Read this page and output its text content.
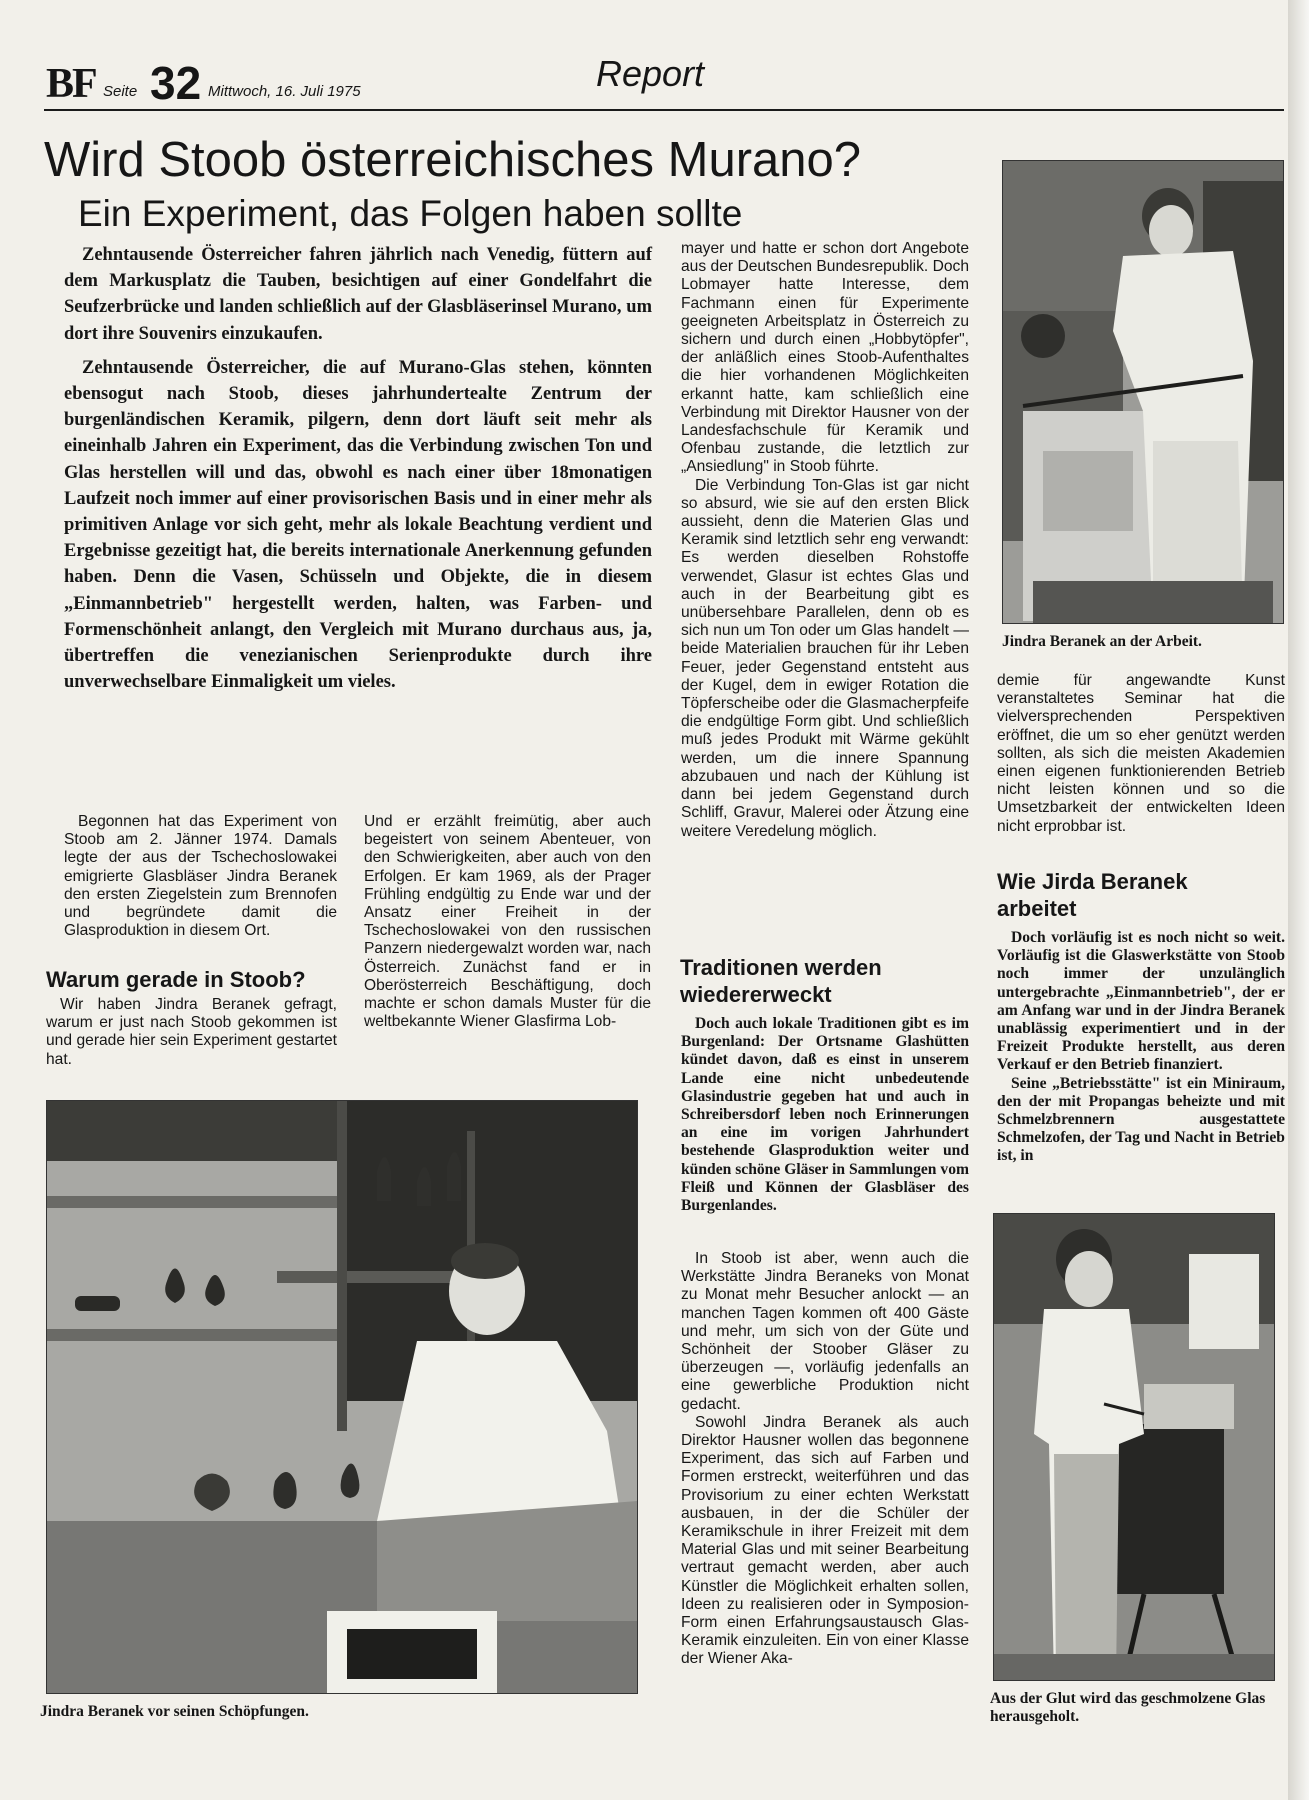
BF Seite 32 Mittwoch, 16. Juli 1975	Report
Wird Stoob österreichisches Murano?
Ein Experiment, das Folgen haben sollte

Zehntausende Österreicher fahren jährlich nach Venedig, füttern auf dem Markusplatz die Tauben, besichtigen auf einer Gondelfahrt die Seufzerbrücke und landen schließlich auf der Glasbläserinsel Murano, um dort ihre Souvenirs einzukaufen.

Zehntausende Österreicher, die auf Murano-Glas stehen, könnten ebensogut nach Stoob, dieses jahrhundertealte Zentrum der burgenländischen Keramik, pilgern, denn dort läuft seit mehr als eineinhalb Jahren ein Experiment, das die Verbindung zwischen Ton und Glas herstellen will und das, obwohl es nach einer über 18monatigen Laufzeit noch immer auf einer provisorischen Basis und in einer mehr als primitiven Anlage vor sich geht, mehr als lokale Beachtung verdient und Ergebnisse gezeitigt hat, die bereits internationale Anerkennung gefunden haben. Denn die Vasen, Schüsseln und Objekte, die in diesem „Einmannbetrieb" hergestellt werden, halten, was Farben- und Formenschönheit anlangt, den Vergleich mit Murano durchaus aus, ja, übertreffen die venezianischen Serienprodukte durch ihre unverwechselbare Einmaligkeit um vieles.

Begonnen hat das Experiment von Stoob am 2. Jänner 1974. Damals legte der aus der Tschechoslowakei emigrierte Glasbläser Jindra Beranek den ersten Ziegelstein zum Brennofen und begründete damit die Glasproduktion in diesem Ort.

Warum gerade in Stoob?

Wir haben Jindra Beranek gefragt, warum er just nach Stoob gekommen ist und gerade hier sein Experiment gestartet hat.

Und er erzählt freimütig, aber auch begeistert von seinem Abenteuer, von den Schwierigkeiten, aber auch von den Erfolgen. Er kam 1969, als der Prager Frühling endgültig zu Ende war und der Ansatz einer Freiheit in der Tschechoslowakei von den russischen Panzern niedergewalzt worden war, nach Österreich. Zunächst fand er in Oberösterreich Beschäftigung, doch machte er schon damals Muster für die weltbekannte Wiener Glasfirma Lob-

mayer und hatte er schon dort Angebote aus der Deutschen Bundesrepublik. Doch Lobmayer hatte Interesse, dem Fachmann einen für Experimente geeigneten Arbeitsplatz in Österreich zu sichern und durch einen „Hobbytöpfer", der anläßlich eines Stoob-Aufenthaltes die hier vorhandenen Möglichkeiten erkannt hatte, kam schließlich eine Verbindung mit Direktor Hausner von der Landesfachschule für Keramik und Ofenbau zustande, die letztlich zur „Ansiedlung" in Stoob führte.

Die Verbindung Ton-Glas ist gar nicht so absurd, wie sie auf den ersten Blick aussieht, denn die Materien Glas und Keramik sind letztlich sehr eng verwandt: Es werden dieselben Rohstoffe verwendet, Glasur ist echtes Glas und auch in der Bearbeitung gibt es unübersehbare Parallelen, denn ob es sich nun um Ton oder um Glas handelt — beide Materialien brauchen für ihr Leben Feuer, jeder Gegenstand entsteht aus der Kugel, dem in ewiger Rotation die Töpferscheibe oder die Glasmacherpfeife die endgültige Form gibt. Und schließlich muß jedes Produkt mit Wärme gekühlt werden, um die innere Spannung abzubauen und nach der Kühlung ist dann bei jedem Gegenstand durch Schliff, Gravur, Malerei oder Ätzung eine weitere Veredelung möglich.

Traditionen werden wiedererweckt

Doch auch lokale Traditionen gibt es im Burgenland: Der Ortsname Glashütten kündet davon, daß es einst in unserem Lande eine nicht unbedeutende Glasindustrie gegeben hat und auch in Schreibersdorf leben noch Erinnerungen an eine im vorigen Jahrhundert bestehende Glasproduktion weiter und künden schöne Gläser in Sammlungen vom Fleiß und Können der Glasbläser des Burgenlandes.

In Stoob ist aber, wenn auch die Werkstätte Jindra Beraneks von Monat zu Monat mehr Besucher anlockt — an manchen Tagen kommen oft 400 Gäste und mehr, um sich von der Güte und Schönheit der Stoober Gläser zu überzeugen —, vorläufig jedenfalls an eine gewerbliche Produktion nicht gedacht.

Sowohl Jindra Beranek als auch Direktor Hausner wollen das begonnene Experiment, das sich auf Farben und Formen erstreckt, weiterführen und das Provisorium zu einer echten Werkstatt ausbauen, in der die Schüler der Keramikschule in ihrer Freizeit mit dem Material Glas und mit seiner Bearbeitung vertraut gemacht werden, aber auch Künstler die Möglichkeit erhalten sollen, Ideen zu realisieren oder in Symposion-Form einen Erfahrungsaustausch Glas-Keramik einzuleiten. Ein von einer Klasse der Wiener Aka-

Jindra Beranek an der Arbeit.

demie für angewandte Kunst veranstaltetes Seminar hat die vielversprechenden Perspektiven eröffnet, die um so eher genützt werden sollten, als sich die meisten Akademien einen eigenen funktionierenden Betrieb nicht leisten können und so die Umsetzbarkeit der entwickelten Ideen nicht erprobbar ist.

Wie Jirda Beranek arbeitet

Doch vorläufig ist es noch nicht so weit. Vorläufig ist die Glaswerkstätte von Stoob noch immer der unzulänglich untergebrachte „Einmannbetrieb", der er am Anfang war und in der Jindra Beranek unablässig experimentiert und in der Freizeit Produkte herstellt, aus deren Verkauf er den Betrieb finanziert.

Seine „Betriebsstätte" ist ein Miniraum, den der mit Propangas beheizte und mit Schmelzbrennern ausgestattete Schmelzofen, der Tag und Nacht in Betrieb ist, in

Aus der Glut wird das geschmolzene Glas herausgeholt.
Jindra Beranek vor seinen Schöpfungen.
